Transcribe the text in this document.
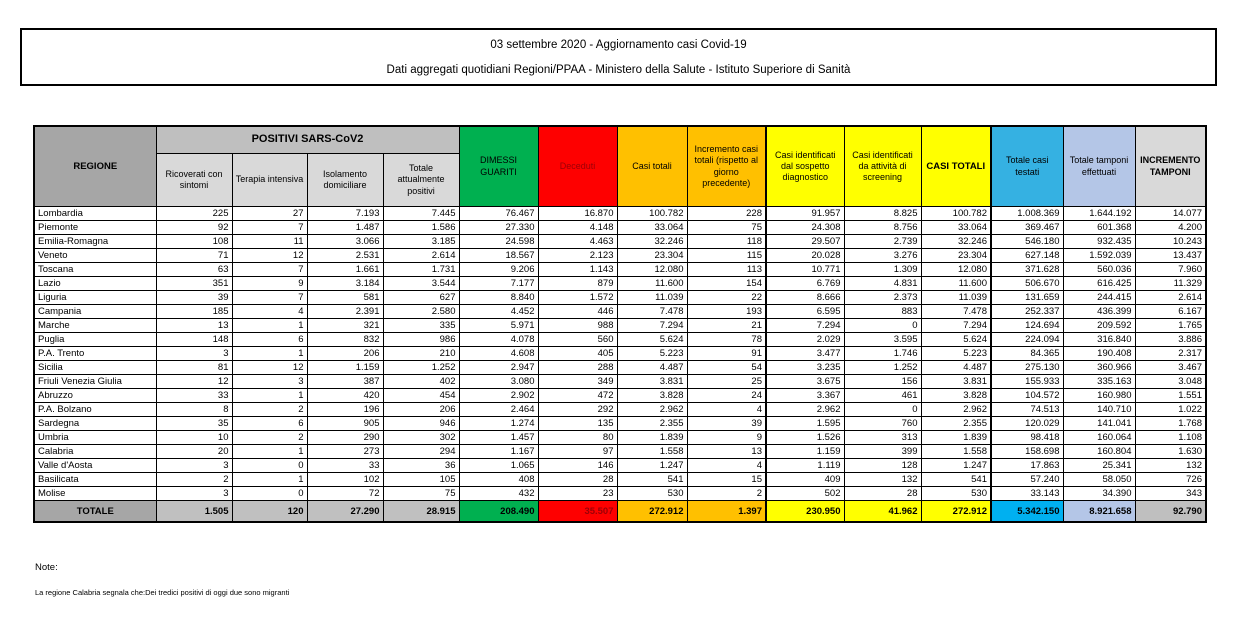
03 settembre 2020 - Aggiornamento casi Covid-19
Dati aggregati quotidiani Regioni/PPAA - Ministero della Salute - Istituto Superiore di Sanità
REGIONE	POSITIVI SARS-CoV2				DIMESSI GUARITI	Deceduti	Casi totali	Incremento casi totali (rispetto al giorno precedente)	Casi identificati dal sospetto diagnostico	Casi identificati da attività di screening	CASI TOTALI	Totale casi testati	Totale tamponi effettuati	INCREMENTO TAMPONI
	Ricoverati con sintomi	Terapia intensiva	Isolamento domiciliare	Totale attualmente positivi										
Lombardia	225	27	7.193	7.445	76.467	16.870	100.782	228	91.957	8.825	100.782	1.008.369	1.644.192	14.077
Piemonte	92	7	1.487	1.586	27.330	4.148	33.064	75	24.308	8.756	33.064	369.467	601.368	4.200
Emilia-Romagna	108	11	3.066	3.185	24.598	4.463	32.246	118	29.507	2.739	32.246	546.180	932.435	10.243
Veneto	71	12	2.531	2.614	18.567	2.123	23.304	115	20.028	3.276	23.304	627.148	1.592.039	13.437
Toscana	63	7	1.661	1.731	9.206	1.143	12.080	113	10.771	1.309	12.080	371.628	560.036	7.960
Lazio	351	9	3.184	3.544	7.177	879	11.600	154	6.769	4.831	11.600	506.670	616.425	11.329
Liguria	39	7	581	627	8.840	1.572	11.039	22	8.666	2.373	11.039	131.659	244.415	2.614
Campania	185	4	2.391	2.580	4.452	446	7.478	193	6.595	883	7.478	252.337	436.399	6.167
Marche	13	1	321	335	5.971	988	7.294	21	7.294	0	7.294	124.694	209.592	1.765
Puglia	148	6	832	986	4.078	560	5.624	78	2.029	3.595	5.624	224.094	316.840	3.886
P.A. Trento	3	1	206	210	4.608	405	5.223	91	3.477	1.746	5.223	84.365	190.408	2.317
Sicilia	81	12	1.159	1.252	2.947	288	4.487	54	3.235	1.252	4.487	275.130	360.966	3.467
Friuli Venezia Giulia	12	3	387	402	3.080	349	3.831	25	3.675	156	3.831	155.933	335.163	3.048
Abruzzo	33	1	420	454	2.902	472	3.828	24	3.367	461	3.828	104.572	160.980	1.551
P.A. Bolzano	8	2	196	206	2.464	292	2.962	4	2.962	0	2.962	74.513	140.710	1.022
Sardegna	35	6	905	946	1.274	135	2.355	39	1.595	760	2.355	120.029	141.041	1.768
Umbria	10	2	290	302	1.457	80	1.839	9	1.526	313	1.839	98.418	160.064	1.108
Calabria	20	1	273	294	1.167	97	1.558	13	1.159	399	1.558	158.698	160.804	1.630
Valle d'Aosta	3	0	33	36	1.065	146	1.247	4	1.119	128	1.247	17.863	25.341	132
Basilicata	2	1	102	105	408	28	541	15	409	132	541	57.240	58.050	726
Molise	3	0	72	75	432	23	530	2	502	28	530	33.143	34.390	343
TOTALE	1.505	120	27.290	28.915	208.490	35.507	272.912	1.397	230.950	41.962	272.912	5.342.150	8.921.658	92.790
Note:
La regione Calabria segnala che:Dei tredici positivi di oggi due sono migranti
